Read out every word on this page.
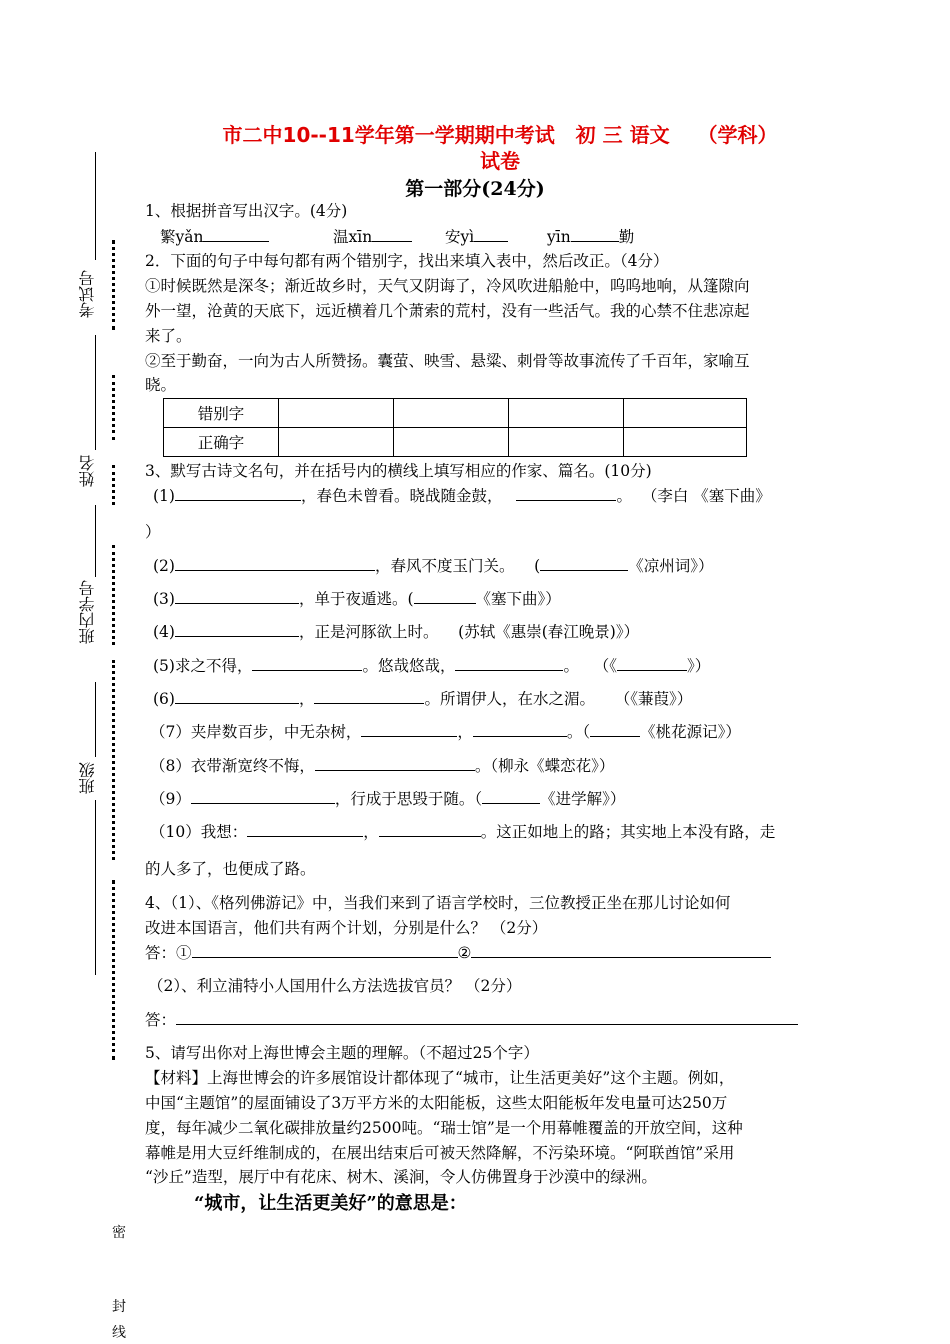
考试号
姓名
班内学号
班级
密
封
线
市二中10--11学年第一学期期中考试   初 三 语文    （学科）
试卷
第一部分(24分)
1、根据拼音写出汉字。(4分)
繁yǎn	温xīn	安yì	yīn	勤
2．下面的句子中每句都有两个错别字，找出来填入表中，然后改正。（4分）
①时候既然是深冬；渐近故乡时，天气又阴诲了，冷风吹进船舱中，呜呜地响，从篷隙向
外一望，沧黄的天底下，远近横着几个萧索的荒村，没有一些活气。我的心禁不住悲凉起
来了。
②至于勤奋，一向为古人所赞扬。囊萤、映雪、悬粱、刺骨等故事流传了千百年，家喻互
晓。
错别字				
正确字				
3、默写古诗文名句，并在括号内的横线上填写相应的作家、篇名。(10分)
(1)	，春色未曾看。晓战随金鼓，	。  （李白 《塞下曲》
）
(2)	，春风不度玉门关。    (	《凉州词》）
(3)	，单于夜遁逃。(	《塞下曲》）
(4)	，正是河豚欲上时。    (苏轼《惠崇(春江晚景)》）
(5)求之不得，	。悠哉悠哉，	。   （《	》）
(6)	，	。所谓伊人，在水之湄。    （《蒹葭》）
（7）夹岸数百步，中无杂树，	，	。（	《桃花源记》）
（8）衣带渐宽终不悔，	。（柳永《蝶恋花》）
（9）	，行成于思毁于随。（	《进学解》）
（10）我想：	，	。这正如地上的路；其实地上本没有路，走
的人多了，也便成了路。
4、（1）、《格列佛游记》中，当我们来到了语言学校时，三位教授正坐在那儿讨论如何
改进本国语言，他们共有两个计划，分别是什么？ （2分）
答：①	②
（2）、利立浦特小人国用什么方法选拔官员？ （2分）
答：
5、请写出你对上海世博会主题的理解。（不超过25个字）
【材料】上海世博会的许多展馆设计都体现了“城市，让生活更美好”这个主题。例如，
中国“主题馆”的屋面铺设了3万平方米的太阳能板，这些太阳能板年发电量可达250万
度，每年减少二氧化碳排放量约2500吨。“瑞士馆”是一个用幕帷覆盖的开放空间，这种
幕帷是用大豆纤维制成的，在展出结束后可被天然降解，不污染环境。“阿联酋馆”采用
“沙丘”造型，展厅中有花床、树木、溪涧，令人仿佛置身于沙漠中的绿洲。
“城市，让生活更美好”的意思是：
